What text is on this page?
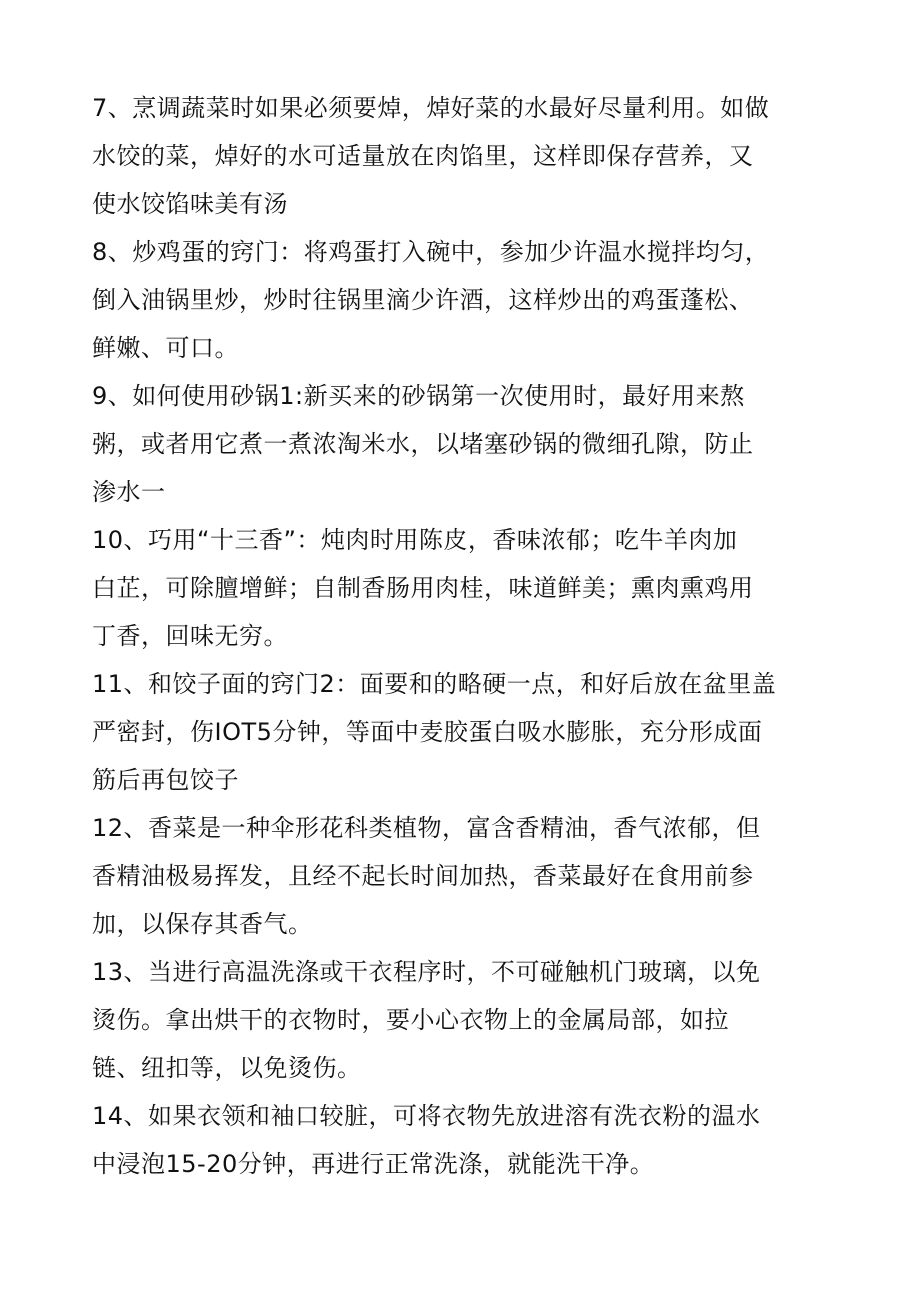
7、烹调蔬菜时如果必须要焯，焯好菜的水最好尽量利用。如做
水饺的菜，焯好的水可适量放在肉馅里，这样即保存营养，又
使水饺馅味美有汤

8、炒鸡蛋的窍门：将鸡蛋打入碗中，参加少许温水搅拌均匀，
倒入油锅里炒，炒时往锅里滴少许酒，这样炒出的鸡蛋蓬松、
鲜嫩、可口。

9、如何使用砂锅1:新买来的砂锅第一次使用时，最好用来熬
粥，或者用它煮一煮浓淘米水，以堵塞砂锅的微细孔隙，防止
渗水一

10、巧用“十三香”：炖肉时用陈皮，香味浓郁；吃牛羊肉加
白芷，可除膻增鲜；自制香肠用肉桂，味道鲜美；熏肉熏鸡用
丁香，回味无穷。

11、和饺子面的窍门2：面要和的略硬一点，和好后放在盆里盖
严密封，伤IOT5分钟，等面中麦胶蛋白吸水膨胀，充分形成面
筋后再包饺子

12、香菜是一种伞形花科类植物，富含香精油，香气浓郁，但
香精油极易挥发，且经不起长时间加热，香菜最好在食用前参
加，以保存其香气。

13、当进行高温洗涤或干衣程序时，不可碰触机门玻璃，以免
烫伤。拿出烘干的衣物时，要小心衣物上的金属局部，如拉
链、纽扣等，以免烫伤。

14、如果衣领和袖口较脏，可将衣物先放进溶有洗衣粉的温水
中浸泡15-20分钟，再进行正常洗涤，就能洗干净。
